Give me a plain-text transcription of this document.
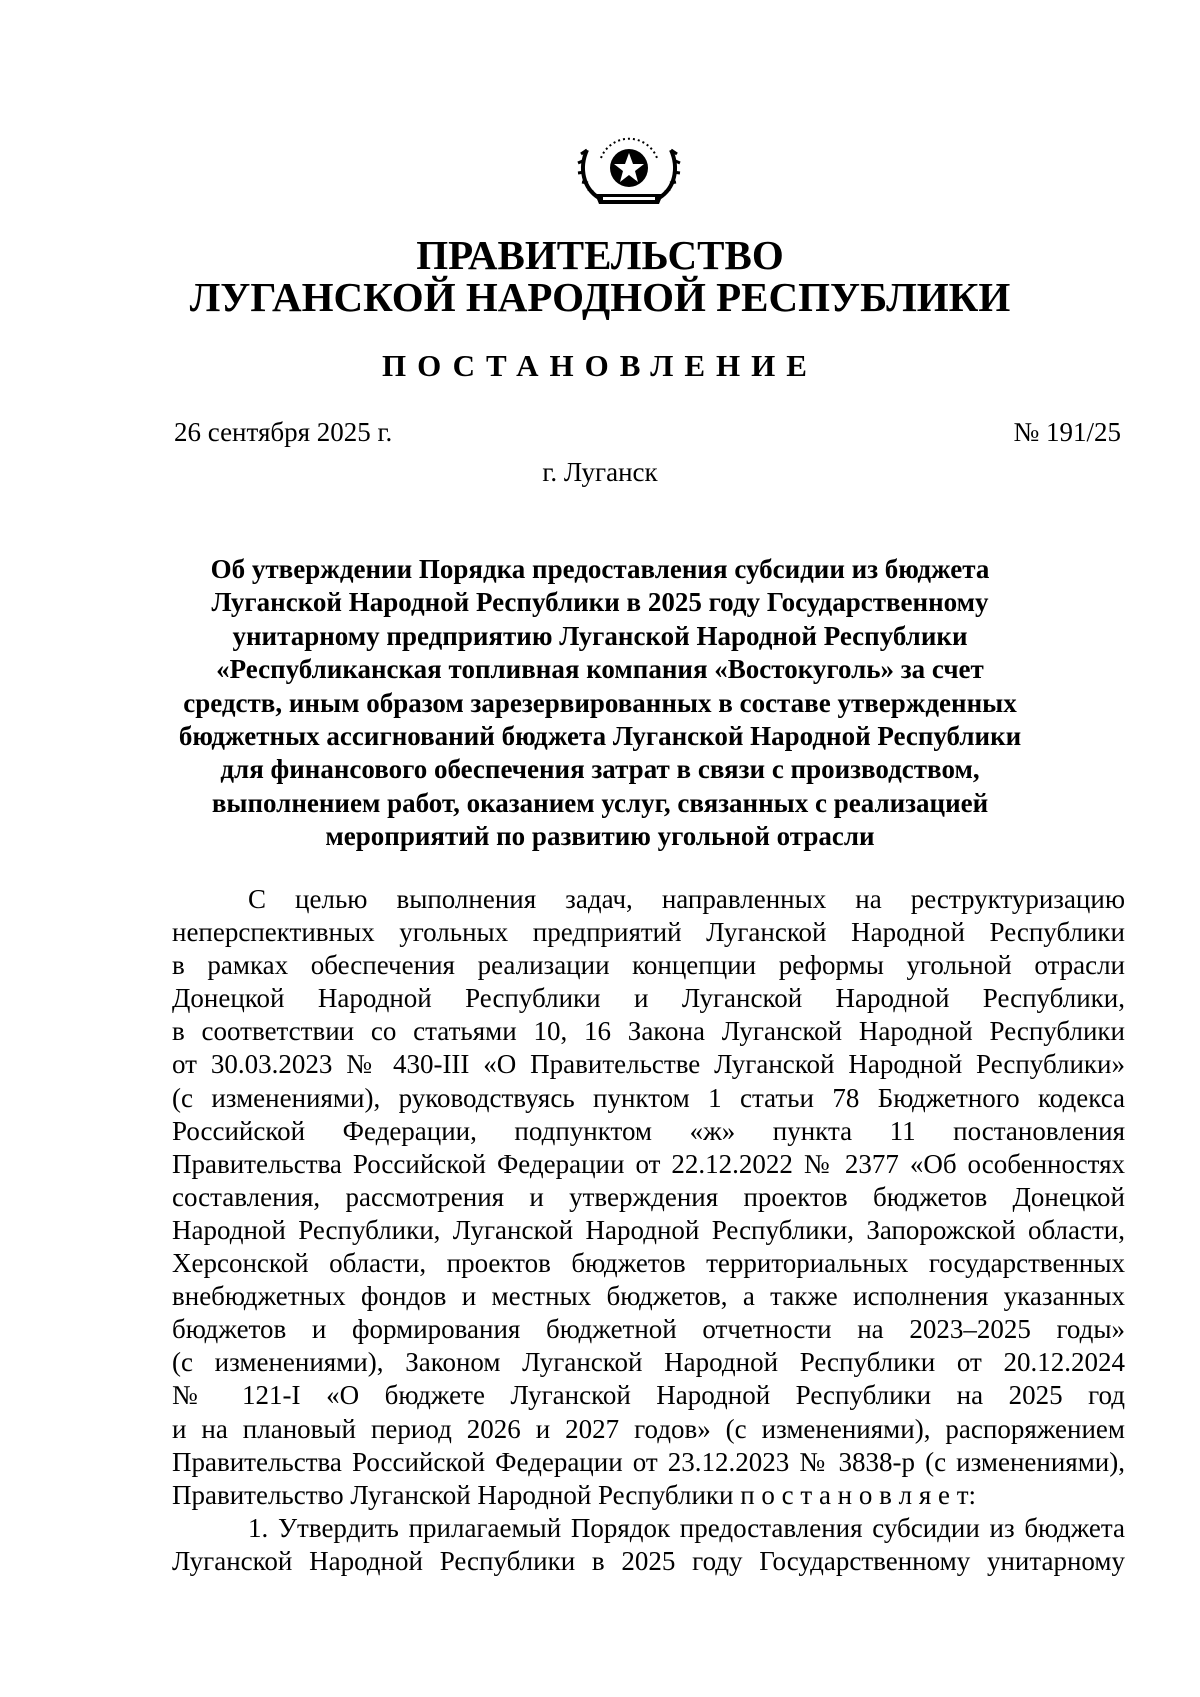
ПРАВИТЕЛЬСТВО
ЛУГАНСКОЙ НАРОДНОЙ РЕСПУБЛИКИ
ПОСТАНОВЛЕНИЕ
26 сентября 2025 г.	№ 191/25
г. Луганск
Об утверждении Порядка предоставления субсидии из бюджета
Луганской Народной Республики в 2025 году Государственному
унитарному предприятию Луганской Народной Республики
«Республиканская топливная компания «Востокуголь» за счет
средств, иным образом зарезервированных в составе утвержденных
бюджетных ассигнований бюджета Луганской Народной Республики
для финансового обеспечения затрат в связи с производством,
выполнением работ, оказанием услуг, связанных с реализацией
мероприятий по развитию угольной отрасли
С целью выполнения задач, направленных на реструктуризацию
неперспективных угольных предприятий Луганской Народной Республики
в рамках обеспечения реализации концепции реформы угольной отрасли
Донецкой Народной Республики и Луганской Народной Республики,
в соответствии со статьями 10, 16 Закона Луганской Народной Республики
от 30.03.2023 № 430-III «О Правительстве Луганской Народной Республики»
(с изменениями), руководствуясь пунктом 1 статьи 78 Бюджетного кодекса
Российской Федерации, подпунктом «ж» пункта 11 постановления
Правительства Российской Федерации от 22.12.2022 № 2377 «Об особенностях
составления, рассмотрения и утверждения проектов бюджетов Донецкой
Народной Республики, Луганской Народной Республики, Запорожской области,
Херсонской области, проектов бюджетов территориальных государственных
внебюджетных фондов и местных бюджетов, а также исполнения указанных
бюджетов и формирования бюджетной отчетности на 2023–2025 годы»
(с изменениями), Законом Луганской Народной Республики от 20.12.2024
№ 121-I «О бюджете Луганской Народной Республики на 2025 год
и на плановый период 2026 и 2027 годов» (с изменениями), распоряжением
Правительства Российской Федерации от 23.12.2023 № 3838-р (с изменениями),
Правительство Луганской Народной Республики п о с т а н о в л я е т:
1. Утвердить прилагаемый Порядок предоставления субсидии из бюджета
Луганской Народной Республики в 2025 году Государственному унитарному
